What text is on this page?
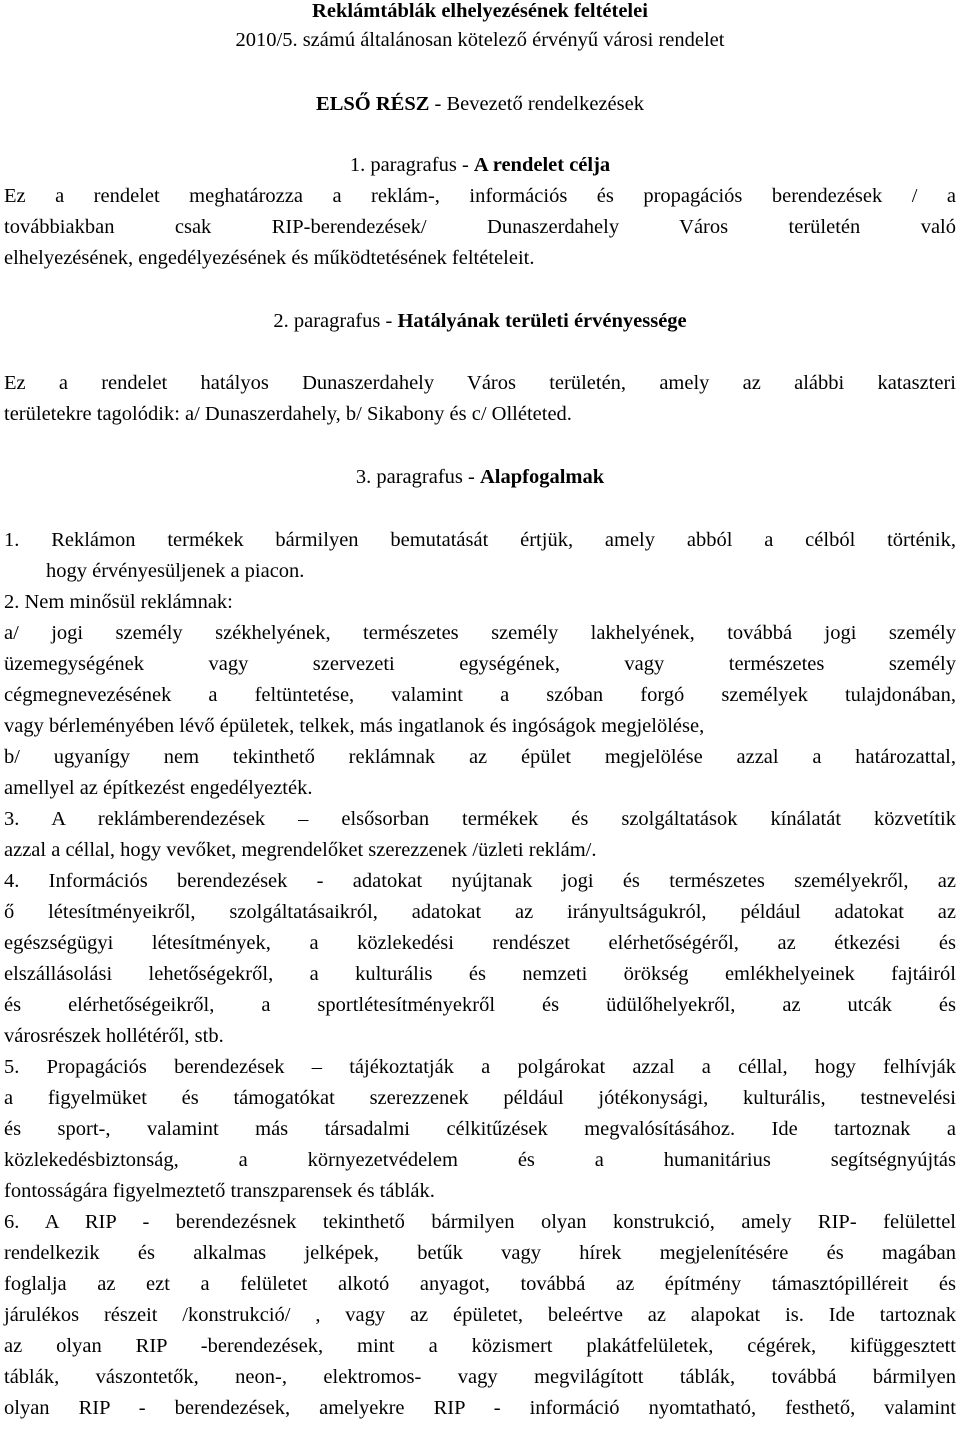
Reklámtáblák elhelyezésének feltételei
2010/5. számú általánosan kötelező érvényű városi rendelet
ELSŐ RÉSZ - Bevezető rendelkezések
1. paragrafus - A rendelet célja
Ez a rendelet meghatározza a reklám-, információs és propagációs berendezések / a
továbbiakban csak RIP-berendezések/ Dunaszerdahely Város területén való
elhelyezésének, engedélyezésének és működtetésének feltételeit.
2. paragrafus - Hatályának területi érvényessége
Ez a rendelet hatályos Dunaszerdahely Város területén, amely az alábbi kataszteri
területekre tagolódik: a/ Dunaszerdahely, b/ Sikabony és c/ Olléteted.
3. paragrafus - Alapfogalmak
1. Reklámon termékek bármilyen bemutatását értjük, amely abból a célból történik,
hogy érvényesüljenek a piacon.
2. Nem minősül reklámnak:
a/ jogi személy székhelyének, természetes személy lakhelyének, továbbá jogi személy
üzemegységének vagy szervezeti egységének, vagy természetes személy
cégmegnevezésének a feltüntetése, valamint a szóban forgó személyek tulajdonában,
vagy bérleményében lévő épületek, telkek, más ingatlanok és ingóságok megjelölése,
b/ ugyanígy nem tekinthető reklámnak az épület megjelölése azzal a határozattal,
amellyel az építkezést engedélyezték.
3. A reklámberendezések – elsősorban termékek és szolgáltatások kínálatát közvetítik
azzal a céllal, hogy vevőket, megrendelőket szerezzenek /üzleti reklám/.
4. Információs berendezések - adatokat nyújtanak jogi és természetes személyekről, az
ő létesítményeikről, szolgáltatásaikról, adatokat az irányultságukról, például adatokat az
egészségügyi létesítmények, a közlekedési rendészet elérhetőségéről, az étkezési és
elszállásolási lehetőségekről, a kulturális és nemzeti örökség emlékhelyeinek fajtáiról
és elérhetőségeikről, a sportlétesítményekről és üdülőhelyekről, az utcák és
városrészek hollétéről, stb.
5. Propagációs berendezések – tájékoztatják a polgárokat azzal a céllal, hogy felhívják
a figyelmüket és támogatókat szerezzenek például jótékonysági, kulturális, testnevelési
és sport-, valamint más társadalmi célkitűzések megvalósításához. Ide tartoznak a
közlekedésbiztonság, a környezetvédelem és a humanitárius segítségnyújtás
fontosságára figyelmeztető transzparensek és táblák.
6. A RIP - berendezésnek tekinthető bármilyen olyan konstrukció, amely RIP- felülettel
rendelkezik és alkalmas jelképek, betűk vagy hírek megjelenítésére és magában
foglalja az ezt a felületet alkotó anyagot, továbbá az építmény támasztópilléreit és
járulékos részeit /konstrukció/ , vagy az épületet, beleértve az alapokat is. Ide tartoznak
az olyan RIP -berendezések, mint a közismert plakátfelületek, cégérek, kifüggesztett
táblák, vászontetők, neon-, elektromos- vagy megvilágított táblák, továbbá bármilyen
olyan RIP - berendezések, amelyekre RIP - információ nyomtatható, festhető, valamint
